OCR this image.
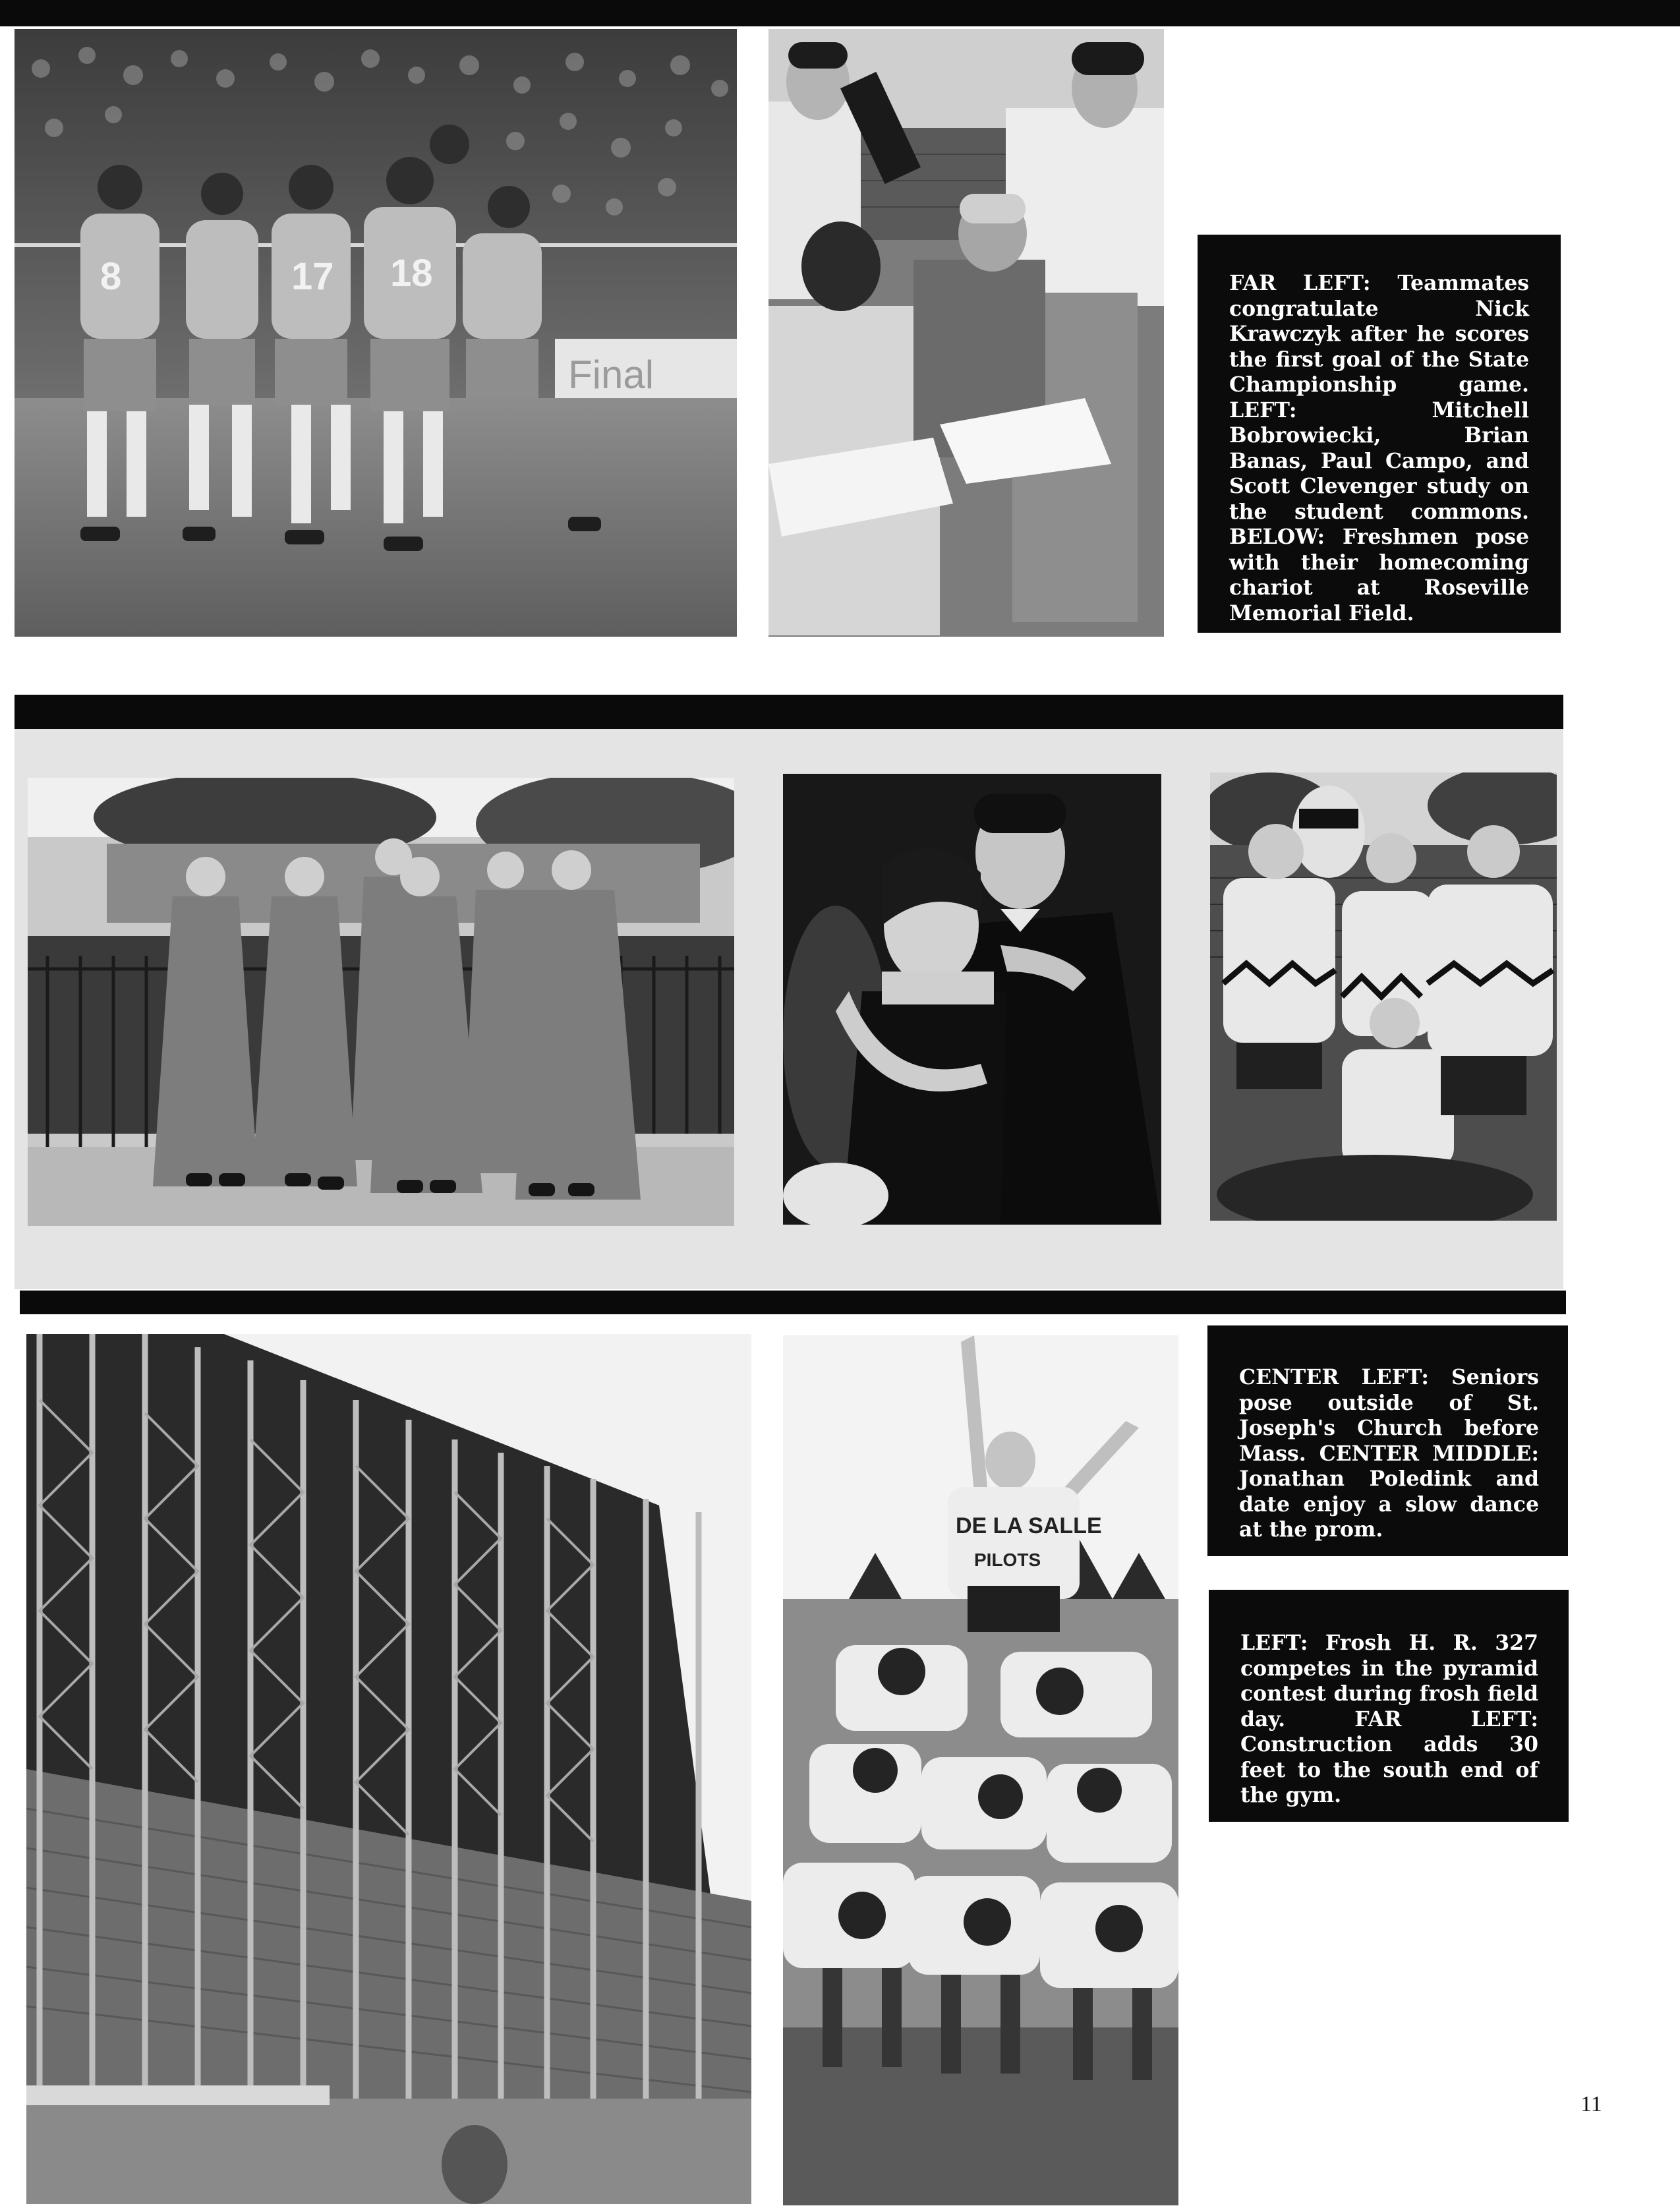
Final
8	17 18	FAR LEFT: Teammates congratulate Nick Krawczyk after he scores the first goal of the State Championship game. LEFT: Mitchell Bobrowiecki, Brian Banas, Paul Campo, and Scott Clevenger study on the student commons. BELOW: Freshmen pose with their homecoming chariot at Roseville Memorial Field.

CENTER LEFT: Seniors pose outside of St. Joseph's Church before Mass. CENTER MIDDLE: Jonathan Poledink and date enjoy a slow dance at the prom.

DE LA SALLE
PILOTS

LEFT: Frosh H. R. 327 competes in the pyramid contest during frosh field day. FAR LEFT: Construction adds 30 feet to the south end of the gym.

11
